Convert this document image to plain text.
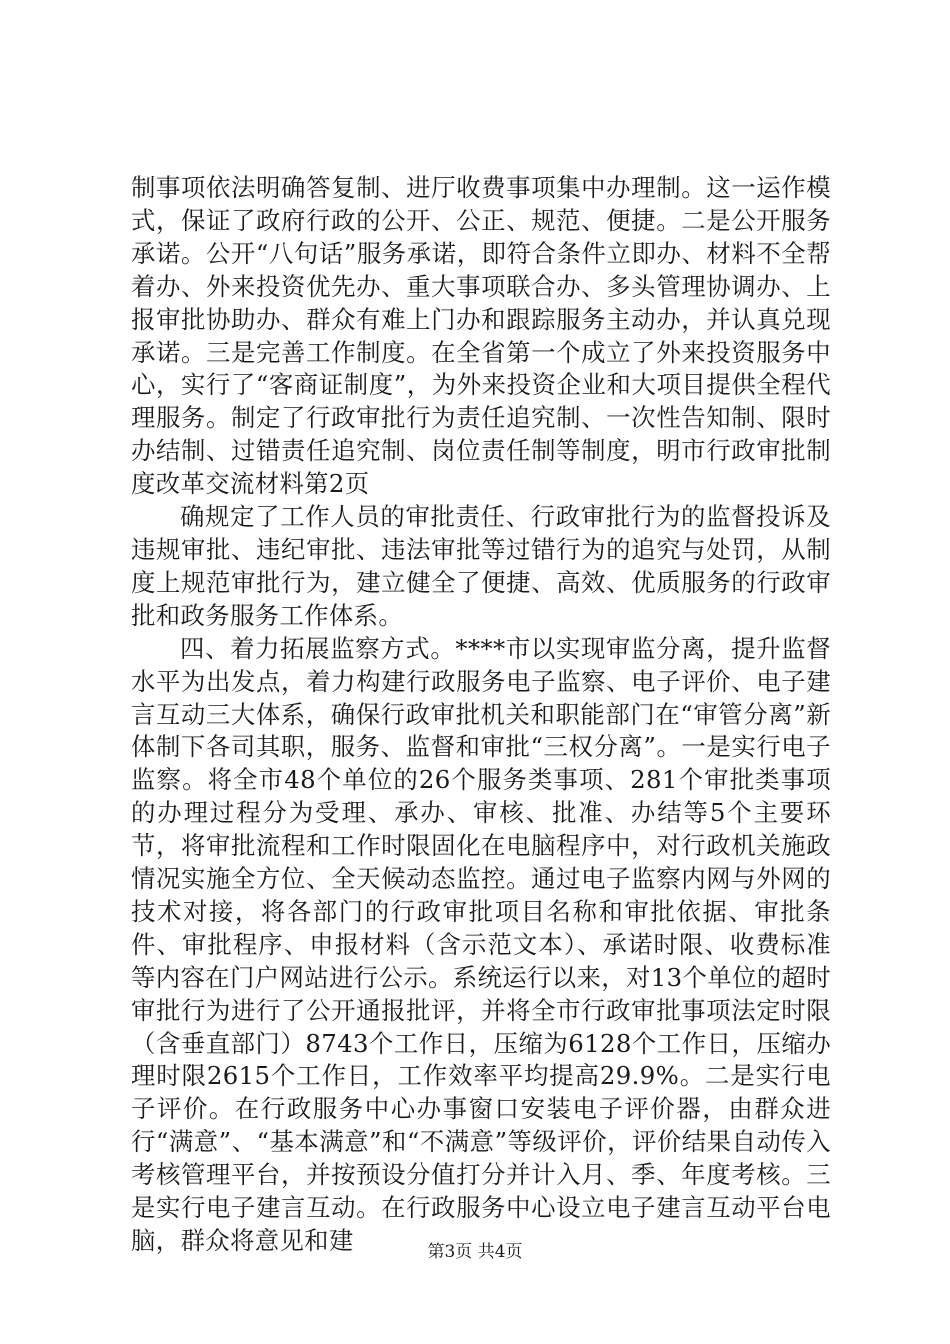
制事项依法明确答复制、进厅收费事项集中办理制。这一运作模式，保证了政府行政的公开、公正、规范、便捷。二是公开服务承诺。公开“八句话”服务承诺，即符合条件立即办、材料不全帮着办、外来投资优先办、重大事项联合办、多头管理协调办、上报审批协助办、群众有难上门办和跟踪服务主动办，并认真兑现承诺。三是完善工作制度。在全省第一个成立了外来投资服务中心，实行了“客商证制度”，为外来投资企业和大项目提供全程代理服务。制定了行政审批行为责任追究制、一次性告知制、限时办结制、过错责任追究制、岗位责任制等制度，明市行政审批制度改革交流材料第2页

确规定了工作人员的审批责任、行政审批行为的监督投诉及违规审批、违纪审批、违法审批等过错行为的追究与处罚，从制度上规范审批行为，建立健全了便捷、高效、优质服务的行政审批和政务服务工作体系。

四、着力拓展监察方式。****市以实现审监分离，提升监督水平为出发点，着力构建行政服务电子监察、电子评价、电子建言互动三大体系，确保行政审批机关和职能部门在“审管分离”新体制下各司其职，服务、监督和审批“三权分离”。一是实行电子监察。将全市48个单位的26个服务类事项、281个审批类事项的办理过程分为受理、承办、审核、批准、办结等5个主要环节，将审批流程和工作时限固化在电脑程序中，对行政机关施政情况实施全方位、全天候动态监控。通过电子监察内网与外网的技术对接，将各部门的行政审批项目名称和审批依据、审批条件、审批程序、申报材料（含示范文本）、承诺时限、收费标准等内容在门户网站进行公示。系统运行以来，对13个单位的超时审批行为进行了公开通报批评，并将全市行政审批事项法定时限（含垂直部门）8743个工作日，压缩为6128个工作日，压缩办理时限2615个工作日，工作效率平均提高29.9%。二是实行电子评价。在行政服务中心办事窗口安装电子评价器，由群众进行“满意”、“基本满意”和“不满意”等级评价，评价结果自动传入考核管理平台，并按预设分值打分并计入月、季、年度考核。三是实行电子建言互动。在行政服务中心设立电子建言互动平台电脑，群众将意见和建	第3页 共4页
